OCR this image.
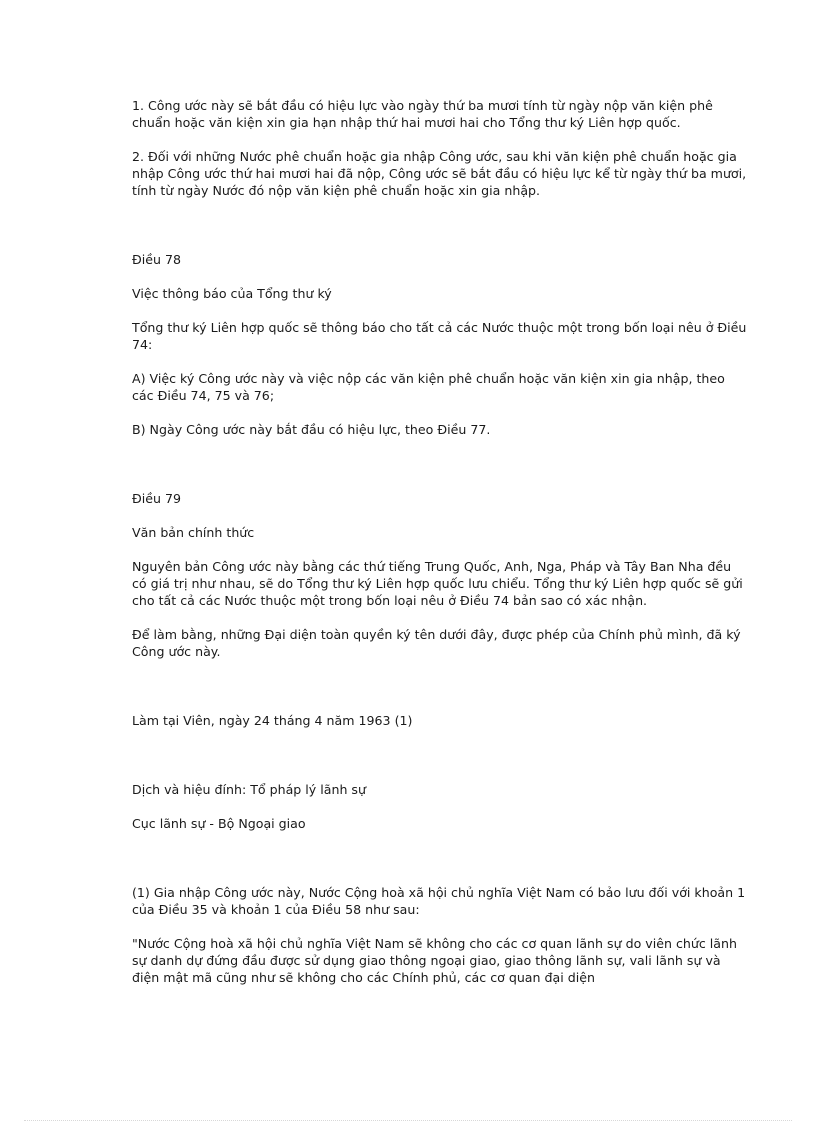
1. Công ước này sẽ bắt đầu có hiệu lực vào ngày thứ ba mươi tính từ ngày nộp văn kiện phê chuẩn hoặc văn kiện xin gia hạn nhập thứ hai mươi hai cho Tổng thư ký Liên hợp quốc.

2. Đối với những Nước phê chuẩn hoặc gia nhập Công ước, sau khi văn kiện phê chuẩn hoặc gia nhập Công ước thứ hai mươi hai đã nộp, Công ước sẽ bắt đầu có hiệu lực kể từ ngày thứ ba mươi, tính từ ngày Nước đó nộp văn kiện phê chuẩn hoặc xin gia nhập.

Điều 78

Việc thông báo của Tổng thư ký

Tổng thư ký Liên hợp quốc sẽ thông báo cho tất cả các Nước thuộc một trong bốn loại nêu ở Điều 74:

A) Việc ký Công ước này và việc nộp các văn kiện phê chuẩn hoặc văn kiện xin gia nhập, theo các Điều 74, 75 và 76;

B) Ngày Công ước này bắt đầu có hiệu lực, theo Điều 77.

Điều 79

Văn bản chính thức

Nguyên bản Công ước này bằng các thứ tiếng Trung Quốc, Anh, Nga, Pháp và Tây Ban Nha đều có giá trị như nhau, sẽ do Tổng thư ký Liên hợp quốc lưu chiểu. Tổng thư ký Liên hợp quốc sẽ gửi cho tất cả các Nước thuộc một trong bốn loại nêu ở Điều 74 bản sao có xác nhận.

Để làm bằng, những Đại diện toàn quyền ký tên dưới đây, được phép của Chính phủ mình, đã ký Công ước này.

Làm tại Viên, ngày 24 tháng 4 năm 1963 (1)

Dịch và hiệu đính: Tổ pháp lý lãnh sự

Cục lãnh sự - Bộ Ngoại giao

(1) Gia nhập Công ước này, Nước Cộng hoà xã hội chủ nghĩa Việt Nam có bảo lưu đối với khoản 1 của Điều 35 và khoản 1 của Điều 58 như sau:

"Nước Cộng hoà xã hội chủ nghĩa Việt Nam sẽ không cho các cơ quan lãnh sự do viên chức lãnh sự danh dự đứng đầu được sử dụng giao thông ngoại giao, giao thông lãnh sự, vali lãnh sự và điện mật mã cũng như sẽ không cho các Chính phủ, các cơ quan đại diện
